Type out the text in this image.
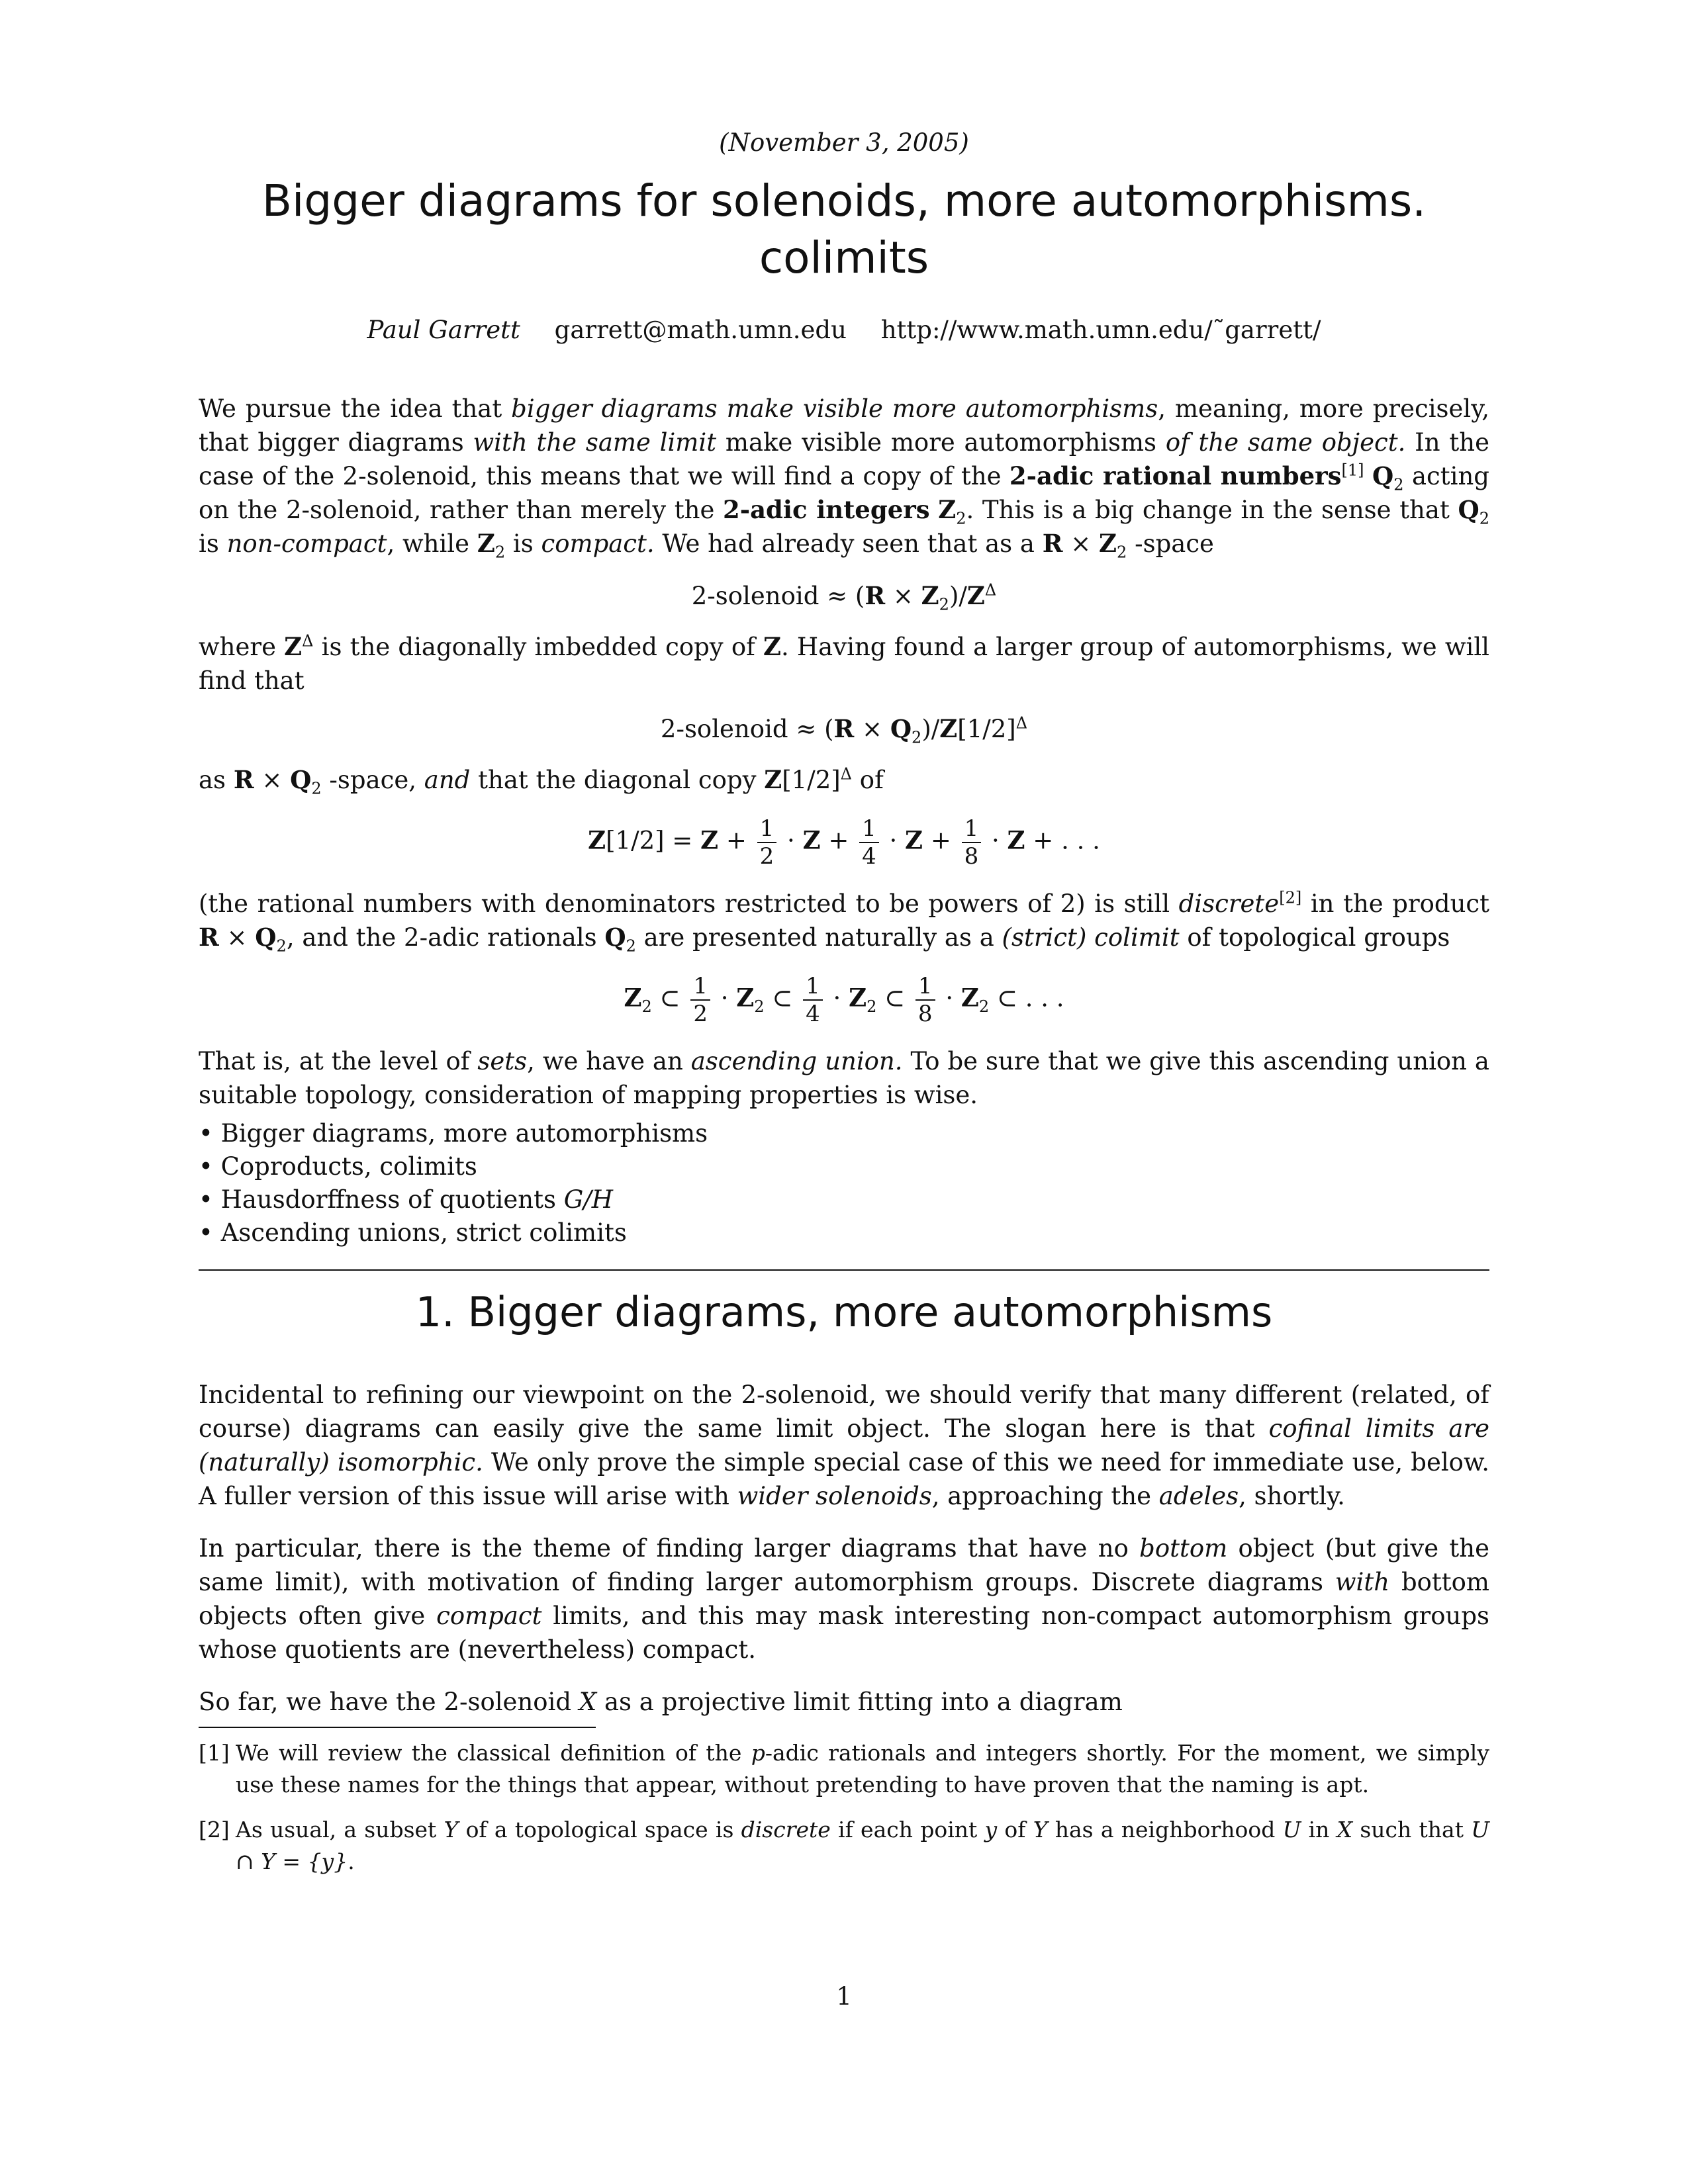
(November 3, 2005)
Bigger diagrams for solenoids, more automorphisms. colimits
Paul Garrett garrett@math.umn.edu http://www.math.umn.edu/˜garrett/

We pursue the idea that bigger diagrams make visible more automorphisms, meaning, more precisely, that bigger diagrams with the same limit make visible more automorphisms of the same object. In the case of the 2-solenoid, this means that we will find a copy of the 2-adic rational numbers[1] $Q_2$ acting on the 2-solenoid, rather than merely the 2-adic integers $Z_2$. This is a big change in the sense that $Q_2$ is non-compact, while $Z_2$ is compact. We had already seen that as a $R \times Z_2$ -space

2-solenoid ≈ $(R \times Z_2)/Z^\Delta$

where $Z^\Delta$ is the diagonally imbedded copy of Z. Having found a larger group of automorphisms, we will find that

2-solenoid ≈ $(R \times Q_2)/Z[1/2]^\Delta$

as $R \times Q_2$ -space, and that the diagonal copy $Z[1/2]^\Delta$ of

$Z[1/2] = Z + \frac{1}{2} \cdot Z + \frac{1}{4} \cdot Z + \frac{1}{8} \cdot Z$ + . . .

(the rational numbers with denominators restricted to be powers of 2) is still discrete[2] in the product $R \times Q_2$, and the 2-adic rationals $Q_2$ are presented naturally as a (strict) colimit of topological groups

$Z_2$ ⊂ $\frac{1}{2} \cdot Z_2$ ⊂ $\frac{1}{4} \cdot Z_2$ ⊂ $\frac{1}{8} \cdot Z_2$ ⊂ . . .

That is, at the level of sets, we have an ascending union. To be sure that we give this ascending union a suitable topology, consideration of mapping properties is wise.

• Bigger diagrams, more automorphisms
• Coproducts, colimits
• Hausdorffness of quotients G/H
• Ascending unions, strict colimits
1. Bigger diagrams, more automorphisms

Incidental to refining our viewpoint on the 2-solenoid, we should verify that many different (related, of course) diagrams can easily give the same limit object. The slogan here is that cofinal limits are (naturally) isomorphic. We only prove the simple special case of this we need for immediate use, below. A fuller version of this issue will arise with wider solenoids, approaching the adeles, shortly.

In particular, there is the theme of finding larger diagrams that have no bottom object (but give the same limit), with motivation of finding larger automorphism groups. Discrete diagrams with bottom objects often give compact limits, and this may mask interesting non-compact automorphism groups whose quotients are (nevertheless) compact.

So far, we have the 2-solenoid X as a projective limit fitting into a diagram

[1] We will review the classical definition of the p-adic rationals and integers shortly. For the moment, we simply use these names for the things that appear, without pretending to have proven that the naming is apt.
[2] As usual, a subset Y of a topological space is discrete if each point y of Y has a neighborhood U in X such that U ∩ Y = {y}.
1
